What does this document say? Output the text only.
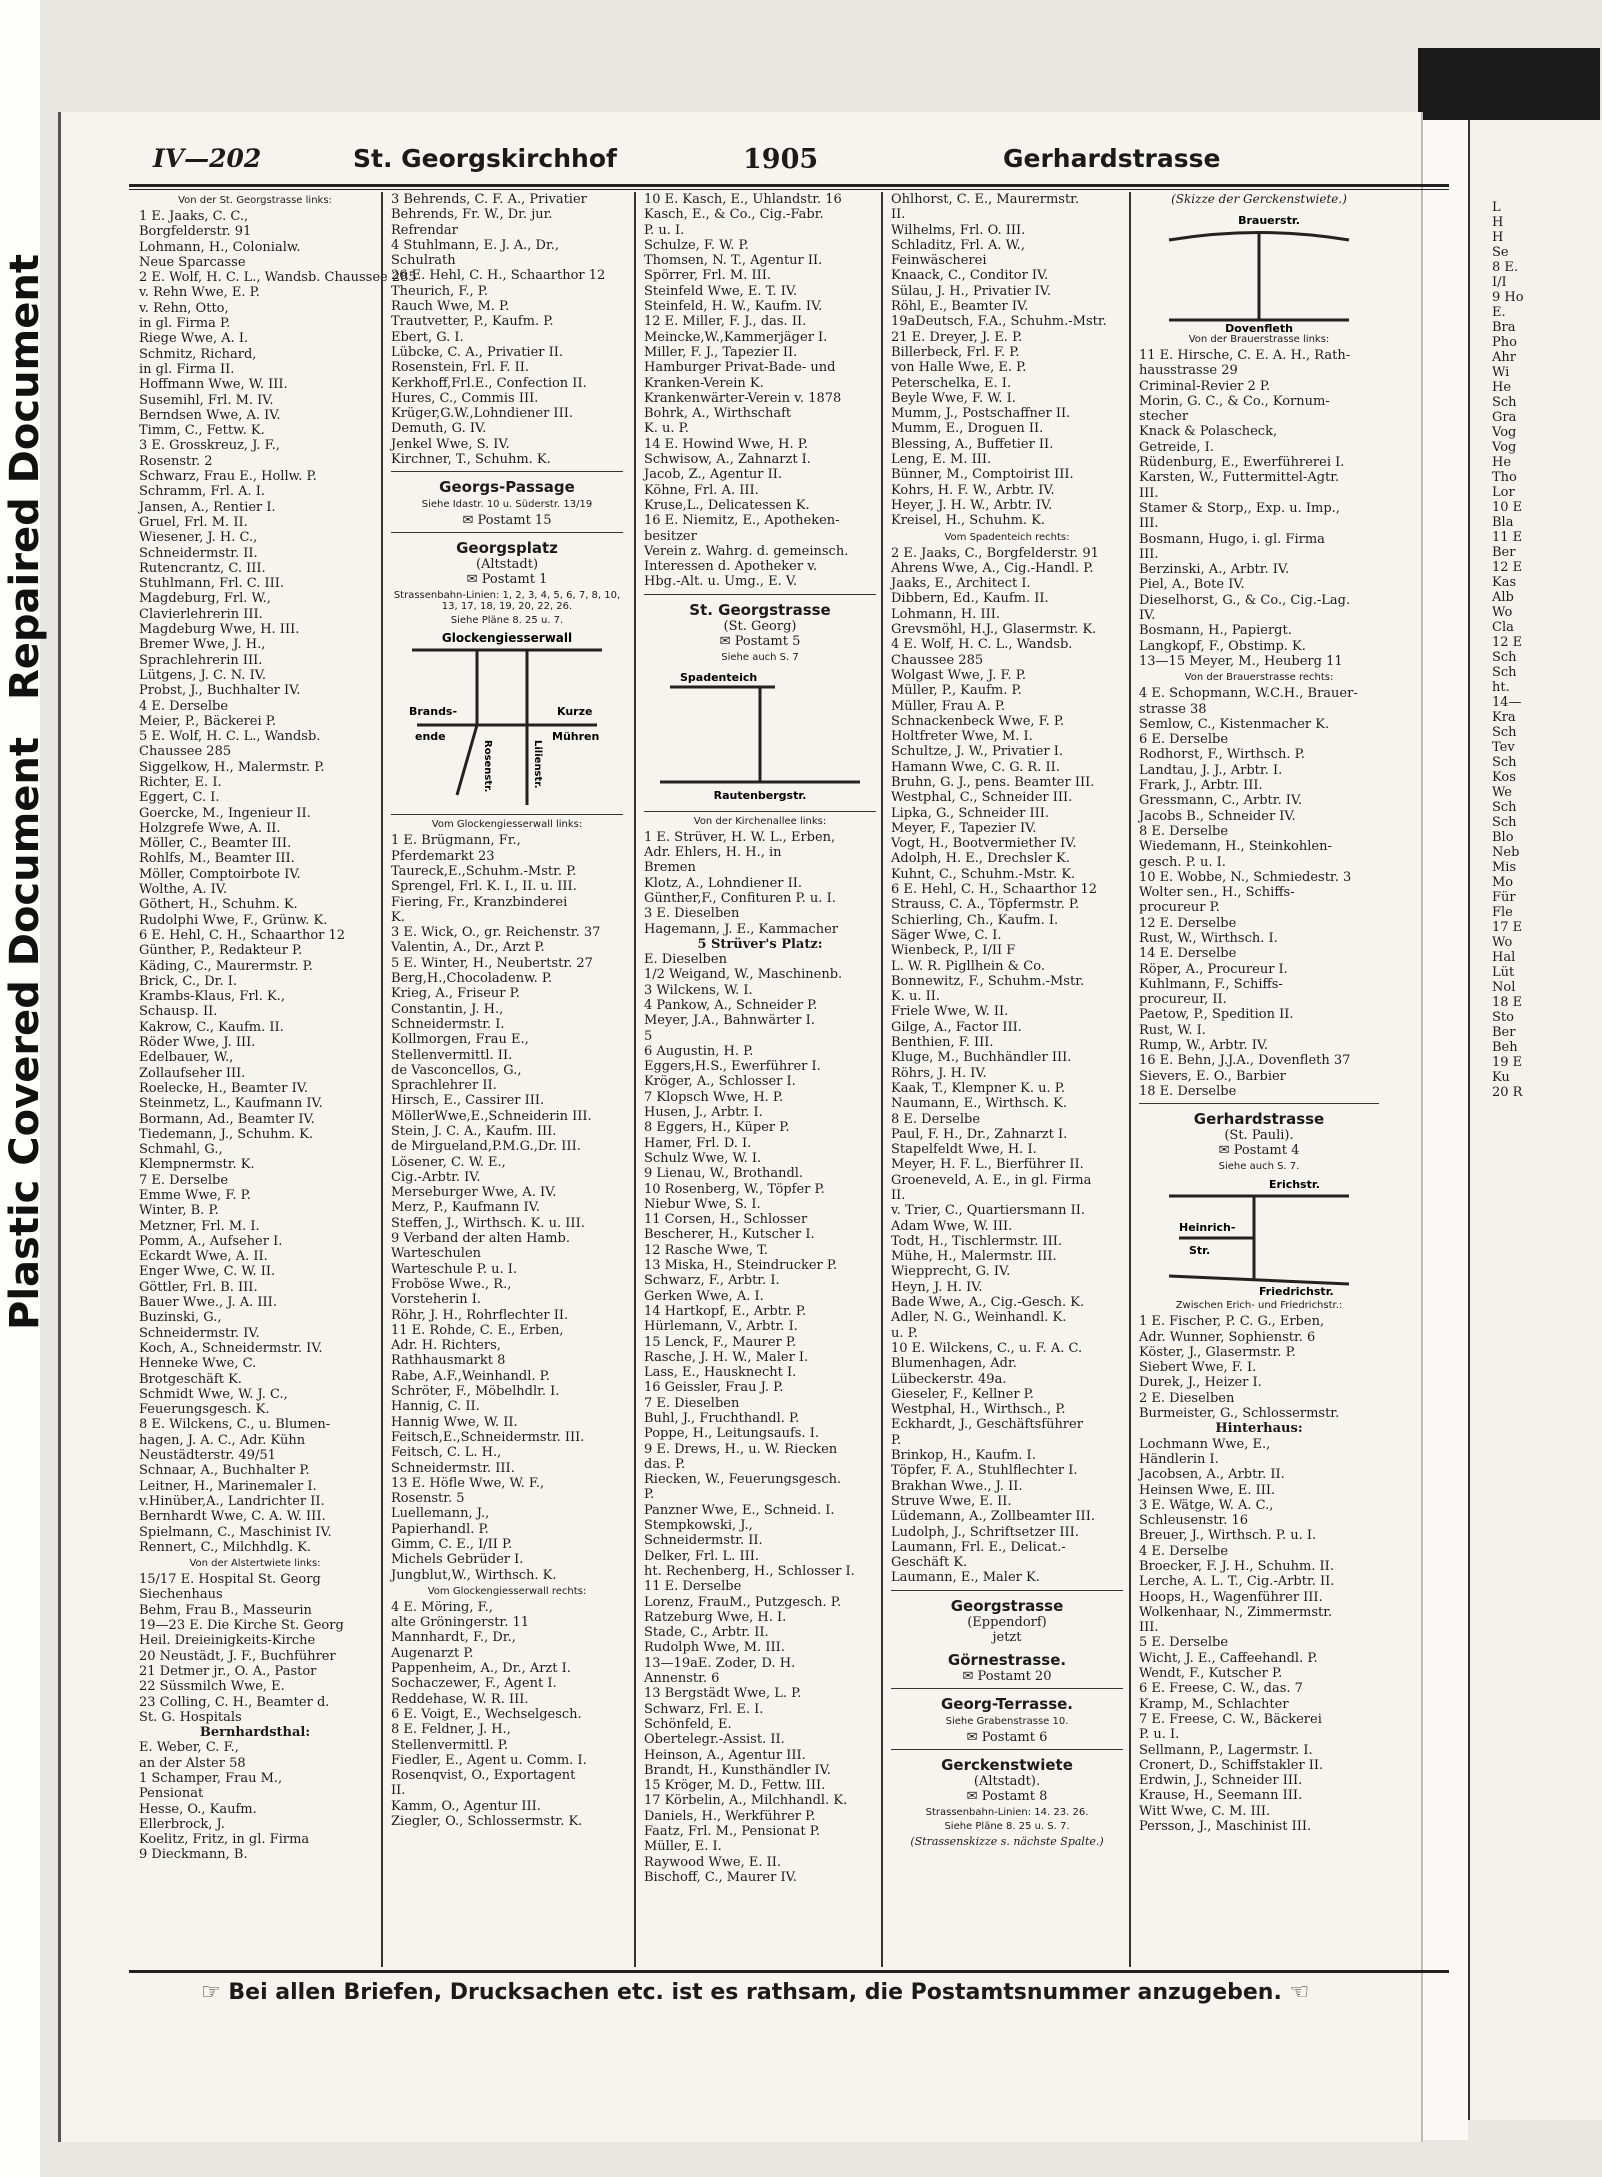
Repaired Document
Plastic Covered Document
L
H
H
Se
8 E.
I/I
9 Ho
E.
Bra
Pho
Ahr
Wi
He
Sch
Gra
Vog
Vog
He
Tho
Lor
10 E
Bla
11 E
Ber
12 E
Kas
Alb
Wo
Cla
12 E
Sch
Sch
ht.
14—
Kra
Sch
Tev
Sch
Kos
We
Sch
Sch
Blo
Neb
Mis
Mo
Für
Fle
17 E
Wo
Hal
Lüt
Nol
18 E
Sto
Ber
Beh
19 E
Ku
20 R
IV—202	St. Georgskirchhof	1905	Gerhardstrasse
Von der St. Georgstrasse links:
1 E. Jaaks, C. C.,
Borgfelderstr. 91
Lohmann, H., Colonialw.
Neue Sparcasse
2 E. Wolf, H. C. L., Wandsb. Chaussee 285
v. Rehn Wwe, E. P.
v. Rehn, Otto,
in gl. Firma P.
Riege Wwe, A. I.
Schmitz, Richard,
in gl. Firma II.
Hoffmann Wwe, W. III.
Susemihl, Frl. M. IV.
Berndsen Wwe, A. IV.
Timm, C., Fettw. K.
3 E. Grosskreuz, J. F.,
Rosenstr. 2
Schwarz, Frau E., Hollw. P.
Schramm, Frl. A. I.
Jansen, A., Rentier I.
Gruel, Frl. M. II.
Wiesener, J. H. C.,
Schneidermstr. II.
Rutencrantz, C. III.
Stuhlmann, Frl. C. III.
Magdeburg, Frl. W.,
Clavierlehrerin III.
Magdeburg Wwe, H. III.
Bremer Wwe, J. H.,
Sprachlehrerin III.
Lütgens, J. C. N. IV.
Probst, J., Buchhalter IV.
4 E. Derselbe
Meier, P., Bäckerei P.
5 E. Wolf, H. C. L., Wandsb.
Chaussee 285
Siggelkow, H., Malermstr. P.
Richter, E. I.
Eggert, C. I.
Goercke, M., Ingenieur II.
Holzgrefe Wwe, A. II.
Möller, C., Beamter III.
Rohlfs, M., Beamter III.
Möller, Comptoirbote IV.
Wolthe, A. IV.
Göthert, H., Schuhm. K.
Rudolphi Wwe, F., Grünw. K.
6 E. Hehl, C. H., Schaarthor 12
Günther, P., Redakteur P.
Käding, C., Maurermstr. P.
Brick, C., Dr. I.
Krambs-Klaus, Frl. K.,
Schausp. II.
Kakrow, C., Kaufm. II.
Röder Wwe, J. III.
Edelbauer, W.,
Zollaufseher III.
Roelecke, H., Beamter IV.
Steinmetz, L., Kaufmann IV.
Bormann, Ad., Beamter IV.
Tiedemann, J., Schuhm. K.
Schmahl, G.,
Klempnermstr. K.
7 E. Derselbe
Emme Wwe, F. P.
Winter, B. P.
Metzner, Frl. M. I.
Pomm, A., Aufseher I.
Eckardt Wwe, A. II.
Enger Wwe, C. W. II.
Göttler, Frl. B. III.
Bauer Wwe., J. A. III.
Buzinski, G.,
Schneidermstr. IV.
Koch, A., Schneidermstr. IV.
Henneke Wwe, C.
Brotgeschäft K.
Schmidt Wwe, W. J. C.,
Feuerungsgesch. K.
8 E. Wilckens, C., u. Blumen-
hagen, J. A. C., Adr. Kühn
Neustädterstr. 49/51
Schnaar, A., Buchhalter P.
Leitner, H., Marinemaler I.
v.Hinüber,A., Landrichter II.
Bernhardt Wwe, C. A. W. III.
Spielmann, C., Maschinist IV.
Rennert, C., Milchhdlg. K.
Von der Alstertwiete links:
15/17 E. Hospital St. Georg
Siechenhaus
Behm, Frau B., Masseurin
19—23 E. Die Kirche St. Georg
Heil. Dreieinigkeits-Kirche
20 Neustädt, J. F., Buchführer
21 Detmer jr., O. A., Pastor
22 Süssmilch Wwe, E.
23 Colling, C. H., Beamter d.
St. G. Hospitals
Bernhardsthal:
E. Weber, C. F.,
an der Alster 58
1 Schamper, Frau M.,
Pensionat
Hesse, O., Kaufm.
Ellerbrock, J.
Koelitz, Fritz, in gl. Firma
9 Dieckmann, B.
3 Behrends, C. F. A., Privatier
Behrends, Fr. W., Dr. jur.
Refrendar
4 Stuhlmann, E. J. A., Dr.,
Schulrath
26 E. Hehl, C. H., Schaarthor 12
Theurich, F., P.
Rauch Wwe, M. P.
Trautvetter, P., Kaufm. P.
Ebert, G. I.
Lübcke, C. A., Privatier II.
Rosenstein, Frl. F. II.
Kerkhoff,Frl.E., Confection II.
Hures, C., Commis III.
Krüger,G.W.,Lohndiener III.
Demuth, G. IV.
Jenkel Wwe, S. IV.
Kirchner, T., Schuhm. K.
Georgs-Passage
Siehe Idastr. 10 u. Süderstr. 13/19
✉ Postamt 15
Georgsplatz
(Altstadt)
✉ Postamt 1
Strassenbahn-Linien: 1, 2, 3, 4, 5, 6, 7, 8, 10, 13, 17, 18, 19, 20, 22, 26.
Siehe Pläne 8. 25 u. 7.
Glockengiesserwall
Brands-
ende
Kurze
Mühren
Rosenstr.	Lilienstr.
Vom Glockengiesserwall links:
1 E. Brügmann, Fr.,
Pferdemarkt 23
Taureck,E.,Schuhm.-Mstr. P.
Sprengel, Frl. K. I., II. u. III.
Fiering, Fr., Kranzbinderei
K.
3 E. Wick, O., gr. Reichenstr. 37
Valentin, A., Dr., Arzt P.
5 E. Winter, H., Neubertstr. 27
Berg,H.,Chocoladenw. P.
Krieg, A., Friseur P.
Constantin, J. H.,
Schneidermstr. I.
Kollmorgen, Frau E.,
Stellenvermittl. II.
de Vasconcellos, G.,
Sprachlehrer II.
Hirsch, E., Cassirer III.
MöllerWwe,E.,Schneiderin III.
Stein, J. C. A., Kaufm. III.
de Mirgueland,P.M.G.,Dr. III.
Lösener, C. W. E.,
Cig.-Arbtr. IV.
Merseburger Wwe, A. IV.
Merz, P., Kaufmann IV.
Steffen, J., Wirthsch. K. u. III.
9 Verband der alten Hamb.
Warteschulen
Warteschule P. u. I.
Froböse Wwe., R.,
Vorsteherin I.
Röhr, J. H., Rohrflechter II.
11 E. Rohde, C. E., Erben,
Adr. H. Richters,
Rathhausmarkt 8
Rabe, A.F.,Weinhandl. P.
Schröter, F., Möbelhdlr. I.
Hannig, C. II.
Hannig Wwe, W. II.
Feitsch,E.,Schneidermstr. III.
Feitsch, C. L. H.,
Schneidermstr. III.
13 E. Höfle Wwe, W. F.,
Rosenstr. 5
Luellemann, J.,
Papierhandl. P.
Gimm, C. E., I/II P.
Michels Gebrüder I.
Jungblut,W., Wirthsch. K.
Vom Glockengiesserwall rechts:
4 E. Möring, F.,
alte Gröningerstr. 11
Mannhardt, F., Dr.,
Augenarzt P.
Pappenheim, A., Dr., Arzt I.
Sochaczewer, F., Agent I.
Reddehase, W. R. III.
6 E. Voigt, E., Wechselgesch.
8 E. Feldner, J. H.,
Stellenvermittl. P.
Fiedler, E., Agent u. Comm. I.
Rosenqvist, O., Exportagent
II.
Kamm, O., Agentur III.
Ziegler, O., Schlossermstr. K.
10 E. Kasch, E., Uhlandstr. 16
Kasch, E., & Co., Cig.-Fabr.
P. u. I.
Schulze, F. W. P.
Thomsen, N. T., Agentur II.
Spörrer, Frl. M. III.
Steinfeld Wwe, E. T. IV.
Steinfeld, H. W., Kaufm. IV.
12 E. Miller, F. J., das. II.
Meincke,W.,Kammerjäger I.
Miller, F. J., Tapezier II.
Hamburger Privat-Bade- und
Kranken-Verein K.
Krankenwärter-Verein v. 1878
Bohrk, A., Wirthschaft
K. u. P.
14 E. Howind Wwe, H. P.
Schwisow, A., Zahnarzt I.
Jacob, Z., Agentur II.
Köhne, Frl. A. III.
Kruse,L., Delicatessen K.
16 E. Niemitz, E., Apotheken-
besitzer
Verein z. Wahrg. d. gemeinsch.
Interessen d. Apotheker v.
Hbg.-Alt. u. Umg., E. V.
St. Georgstrasse
(St. Georg)
✉ Postamt 5
Siehe auch S. 7
Spadenteich
Rautenbergstr.
Von der Kirchenallee links:
1 E. Strüver, H. W. L., Erben,
Adr. Ehlers, H. H., in
Bremen
Klotz, A., Lohndiener II.
Günther,F., Confituren P. u. I.
3 E. Dieselben
Hagemann, J. E., Kammacher
5 Strüver's Platz:
E. Dieselben
1/2 Weigand, W., Maschinenb.
3 Wilckens, W. I.
4 Pankow, A., Schneider P.
Meyer, J.A., Bahnwärter I.
5
6 Augustin, H. P.
Eggers,H.S., Ewerführer I.
Kröger, A., Schlosser I.
7 Klopsch Wwe, H. P.
Husen, J., Arbtr. I.
8 Eggers, H., Küper P.
Hamer, Frl. D. I.
Schulz Wwe, W. I.
9 Lienau, W., Brothandl.
10 Rosenberg, W., Töpfer P.
Niebur Wwe, S. I.
11 Corsen, H., Schlosser
Bescherer, H., Kutscher I.
12 Rasche Wwe, T.
13 Miska, H., Steindrucker P.
Schwarz, F., Arbtr. I.
Gerken Wwe, A. I.
14 Hartkopf, E., Arbtr. P.
Hürlemann, V., Arbtr. I.
15 Lenck, F., Maurer P.
Rasche, J. H. W., Maler I.
Lass, E., Hausknecht I.
16 Geissler, Frau J. P.
7 E. Dieselben
Buhl, J., Fruchthandl. P.
Poppe, H., Leitungsaufs. I.
9 E. Drews, H., u. W. Riecken
das. P.
Riecken, W., Feuerungsgesch.
P.
Panzner Wwe, E., Schneid. I.
Stempkowski, J.,
Schneidermstr. II.
Delker, Frl. L. III.
ht. Rechenberg, H., Schlosser I.
11 E. Derselbe
Lorenz, FrauM., Putzgesch. P.
Ratzeburg Wwe, H. I.
Stade, C., Arbtr. II.
Rudolph Wwe, M. III.
13—19aE. Zoder, D. H.
Annenstr. 6
13 Bergstädt Wwe, L. P.
Schwarz, Frl. E. I.
Schönfeld, E.
Obertelegr.-Assist. II.
Heinson, A., Agentur III.
Brandt, H., Kunsthändler IV.
15 Kröger, M. D., Fettw. III.
17 Körbelin, A., Milchhandl. K.
Daniels, H., Werkführer P.
Faatz, Frl. M., Pensionat P.
Müller, E. I.
Raywood Wwe, E. II.
Bischoff, C., Maurer IV.
Ohlhorst, C. E., Maurermstr.
II.
Wilhelms, Frl. O. III.
Schladitz, Frl. A. W.,
Feinwäscherei
Knaack, C., Conditor IV.
Sülau, J. H., Privatier IV.
Röhl, E., Beamter IV.
19aDeutsch, F.A., Schuhm.-Mstr.
21 E. Dreyer, J. E. P.
Billerbeck, Frl. F. P.
von Halle Wwe, E. P.
Peterschelka, E. I.
Beyle Wwe, F. W. I.
Mumm, J., Postschaffner II.
Mumm, E., Droguen II.
Blessing, A., Buffetier II.
Leng, E. M. III.
Bünner, M., Comptoirist III.
Kohrs, H. F. W., Arbtr. IV.
Heyer, J. H. W., Arbtr. IV.
Kreisel, H., Schuhm. K.
Vom Spadenteich rechts:
2 E. Jaaks, C., Borgfelderstr. 91
Ahrens Wwe, A., Cig.-Handl. P.
Jaaks, E., Architect I.
Dibbern, Ed., Kaufm. II.
Lohmann, H. III.
Grevsmöhl, H.J., Glasermstr. K.
4 E. Wolf, H. C. L., Wandsb.
Chaussee 285
Wolgast Wwe, J. F. P.
Müller, P., Kaufm. P.
Müller, Frau A. P.
Schnackenbeck Wwe, F. P.
Holtfreter Wwe, M. I.
Schultze, J. W., Privatier I.
Hamann Wwe, C. G. R. II.
Bruhn, G. J., pens. Beamter III.
Westphal, C., Schneider III.
Lipka, G., Schneider III.
Meyer, F., Tapezier IV.
Vogt, H., Bootvermiether IV.
Adolph, H. E., Drechsler K.
Kuhnt, C., Schuhm.-Mstr. K.
6 E. Hehl, C. H., Schaarthor 12
Strauss, C. A., Töpfermstr. P.
Schierling, Ch., Kaufm. I.
Säger Wwe, C. I.
Wienbeck, P., I/II F
L. W. R. Pigllhein & Co.
Bonnewitz, F., Schuhm.-Mstr.
K. u. II.
Friele Wwe, W. II.
Gilge, A., Factor III.
Benthien, F. III.
Kluge, M., Buchhändler III.
Röhrs, J. H. IV.
Kaak, T., Klempner K. u. P.
Naumann, E., Wirthsch. K.
8 E. Derselbe
Paul, F. H., Dr., Zahnarzt I.
Stapelfeldt Wwe, H. I.
Meyer, H. F. L., Bierführer II.
Groeneveld, A. E., in gl. Firma
II.
v. Trier, C., Quartiersmann II.
Adam Wwe, W. III.
Todt, H., Tischlermstr. III.
Mühe, H., Malermstr. III.
Wiepprecht, G. IV.
Heyn, J. H. IV.
Bade Wwe, A., Cig.-Gesch. K.
Adler, N. G., Weinhandl. K.
u. P.
10 E. Wilckens, C., u. F. A. C.
Blumenhagen, Adr.
Lübeckerstr. 49a.
Gieseler, F., Kellner P.
Westphal, H., Wirthsch., P.
Eckhardt, J., Geschäftsführer
P.
Brinkop, H., Kaufm. I.
Töpfer, F. A., Stuhlflechter I.
Brakhan Wwe., J. II.
Struve Wwe, E. II.
Lüdemann, A., Zollbeamter III.
Ludolph, J., Schriftsetzer III.
Laumann, Frl. E., Delicat.-
Geschäft K.
Laumann, E., Maler K.
Georgstrasse
(Eppendorf)
jetzt
Görnestrasse.
✉ Postamt 20
Georg-Terrasse.
Siehe Grabenstrasse 10.
✉ Postamt 6
Gerckenstwiete
(Altstadt).
✉ Postamt 8
Strassenbahn-Linien: 14. 23. 26.
Siehe Pläne 8. 25 u. S. 7.
(Strassenskizze s. nächste Spalte.)
(Skizze der Gerckenstwiete.)
Brauerstr.
Dovenfleth
Von der Brauerstrasse links:
11 E. Hirsche, C. E. A. H., Rath-
hausstrasse 29
Criminal-Revier 2 P.
Morin, G. C., & Co., Kornum-
stecher
Knack & Polascheck,
Getreide, I.
Rüdenburg, E., Ewerführerei I.
Karsten, W., Futtermittel-Agtr.
III.
Stamer & Storp,, Exp. u. Imp.,
III.
Bosmann, Hugo, i. gl. Firma
III.
Berzinski, A., Arbtr. IV.
Piel, A., Bote IV.
Dieselhorst, G., & Co., Cig.-Lag.
IV.
Bosmann, H., Papiergt.
Langkopf, F., Obstimp. K.
13—15 Meyer, M., Heuberg 11
Von der Brauerstrasse rechts:
4 E. Schopmann, W.C.H., Brauer-
strasse 38
Semlow, C., Kistenmacher K.
6 E. Derselbe
Rodhorst, F., Wirthsch. P.
Landtau, J. J., Arbtr. I.
Frark, J., Arbtr. III.
Gressmann, C., Arbtr. IV.
Jacobs B., Schneider IV.
8 E. Derselbe
Wiedemann, H., Steinkohlen-
gesch. P. u. I.
10 E. Wobbe, N., Schmiedestr. 3
Wolter sen., H., Schiffs-
procureur P.
12 E. Derselbe
Rust, W., Wirthsch. I.
14 E. Derselbe
Röper, A., Procureur I.
Kuhlmann, F., Schiffs-
procureur, II.
Paetow, P., Spedition II.
Rust, W. I.
Rump, W., Arbtr. IV.
16 E. Behn, J.J.A., Dovenfleth 37
Sievers, E. O., Barbier
18 E. Derselbe
Gerhardstrasse
(St. Pauli).
✉ Postamt 4
Siehe auch S. 7.
Erichstr.
Heinrich-
Str.
Friedrichstr.
Zwischen Erich- und Friedrichstr.:
1 E. Fischer, P. C. G., Erben,
Adr. Wunner, Sophienstr. 6
Köster, J., Glasermstr. P.
Siebert Wwe, F. I.
Durek, J., Heizer I.
2 E. Dieselben
Burmeister, G., Schlossermstr.
Hinterhaus:
Lochmann Wwe, E.,
Händlerin I.
Jacobsen, A., Arbtr. II.
Heinsen Wwe, E. III.
3 E. Wätge, W. A. C.,
Schleusenstr. 16
Breuer, J., Wirthsch. P. u. I.
4 E. Derselbe
Broecker, F. J. H., Schuhm. II.
Lerche, A. L. T., Cig.-Arbtr. II.
Hoops, H., Wagenführer III.
Wolkenhaar, N., Zimmermstr.
III.
5 E. Derselbe
Wicht, J. E., Caffeehandl. P.
Wendt, F., Kutscher P.
6 E. Freese, C. W., das. 7
Kramp, M., Schlachter
7 E. Freese, C. W., Bäckerei
P. u. I.
Sellmann, P., Lagermstr. I.
Cronert, D., Schiffstakler II.
Erdwin, J., Schneider III.
Krause, H., Seemann III.
Witt Wwe, C. M. III.
Persson, J., Maschinist III.
☞ Bei allen Briefen, Drucksachen etc. ist es rathsam, die Postamtsnummer anzugeben. ☜
